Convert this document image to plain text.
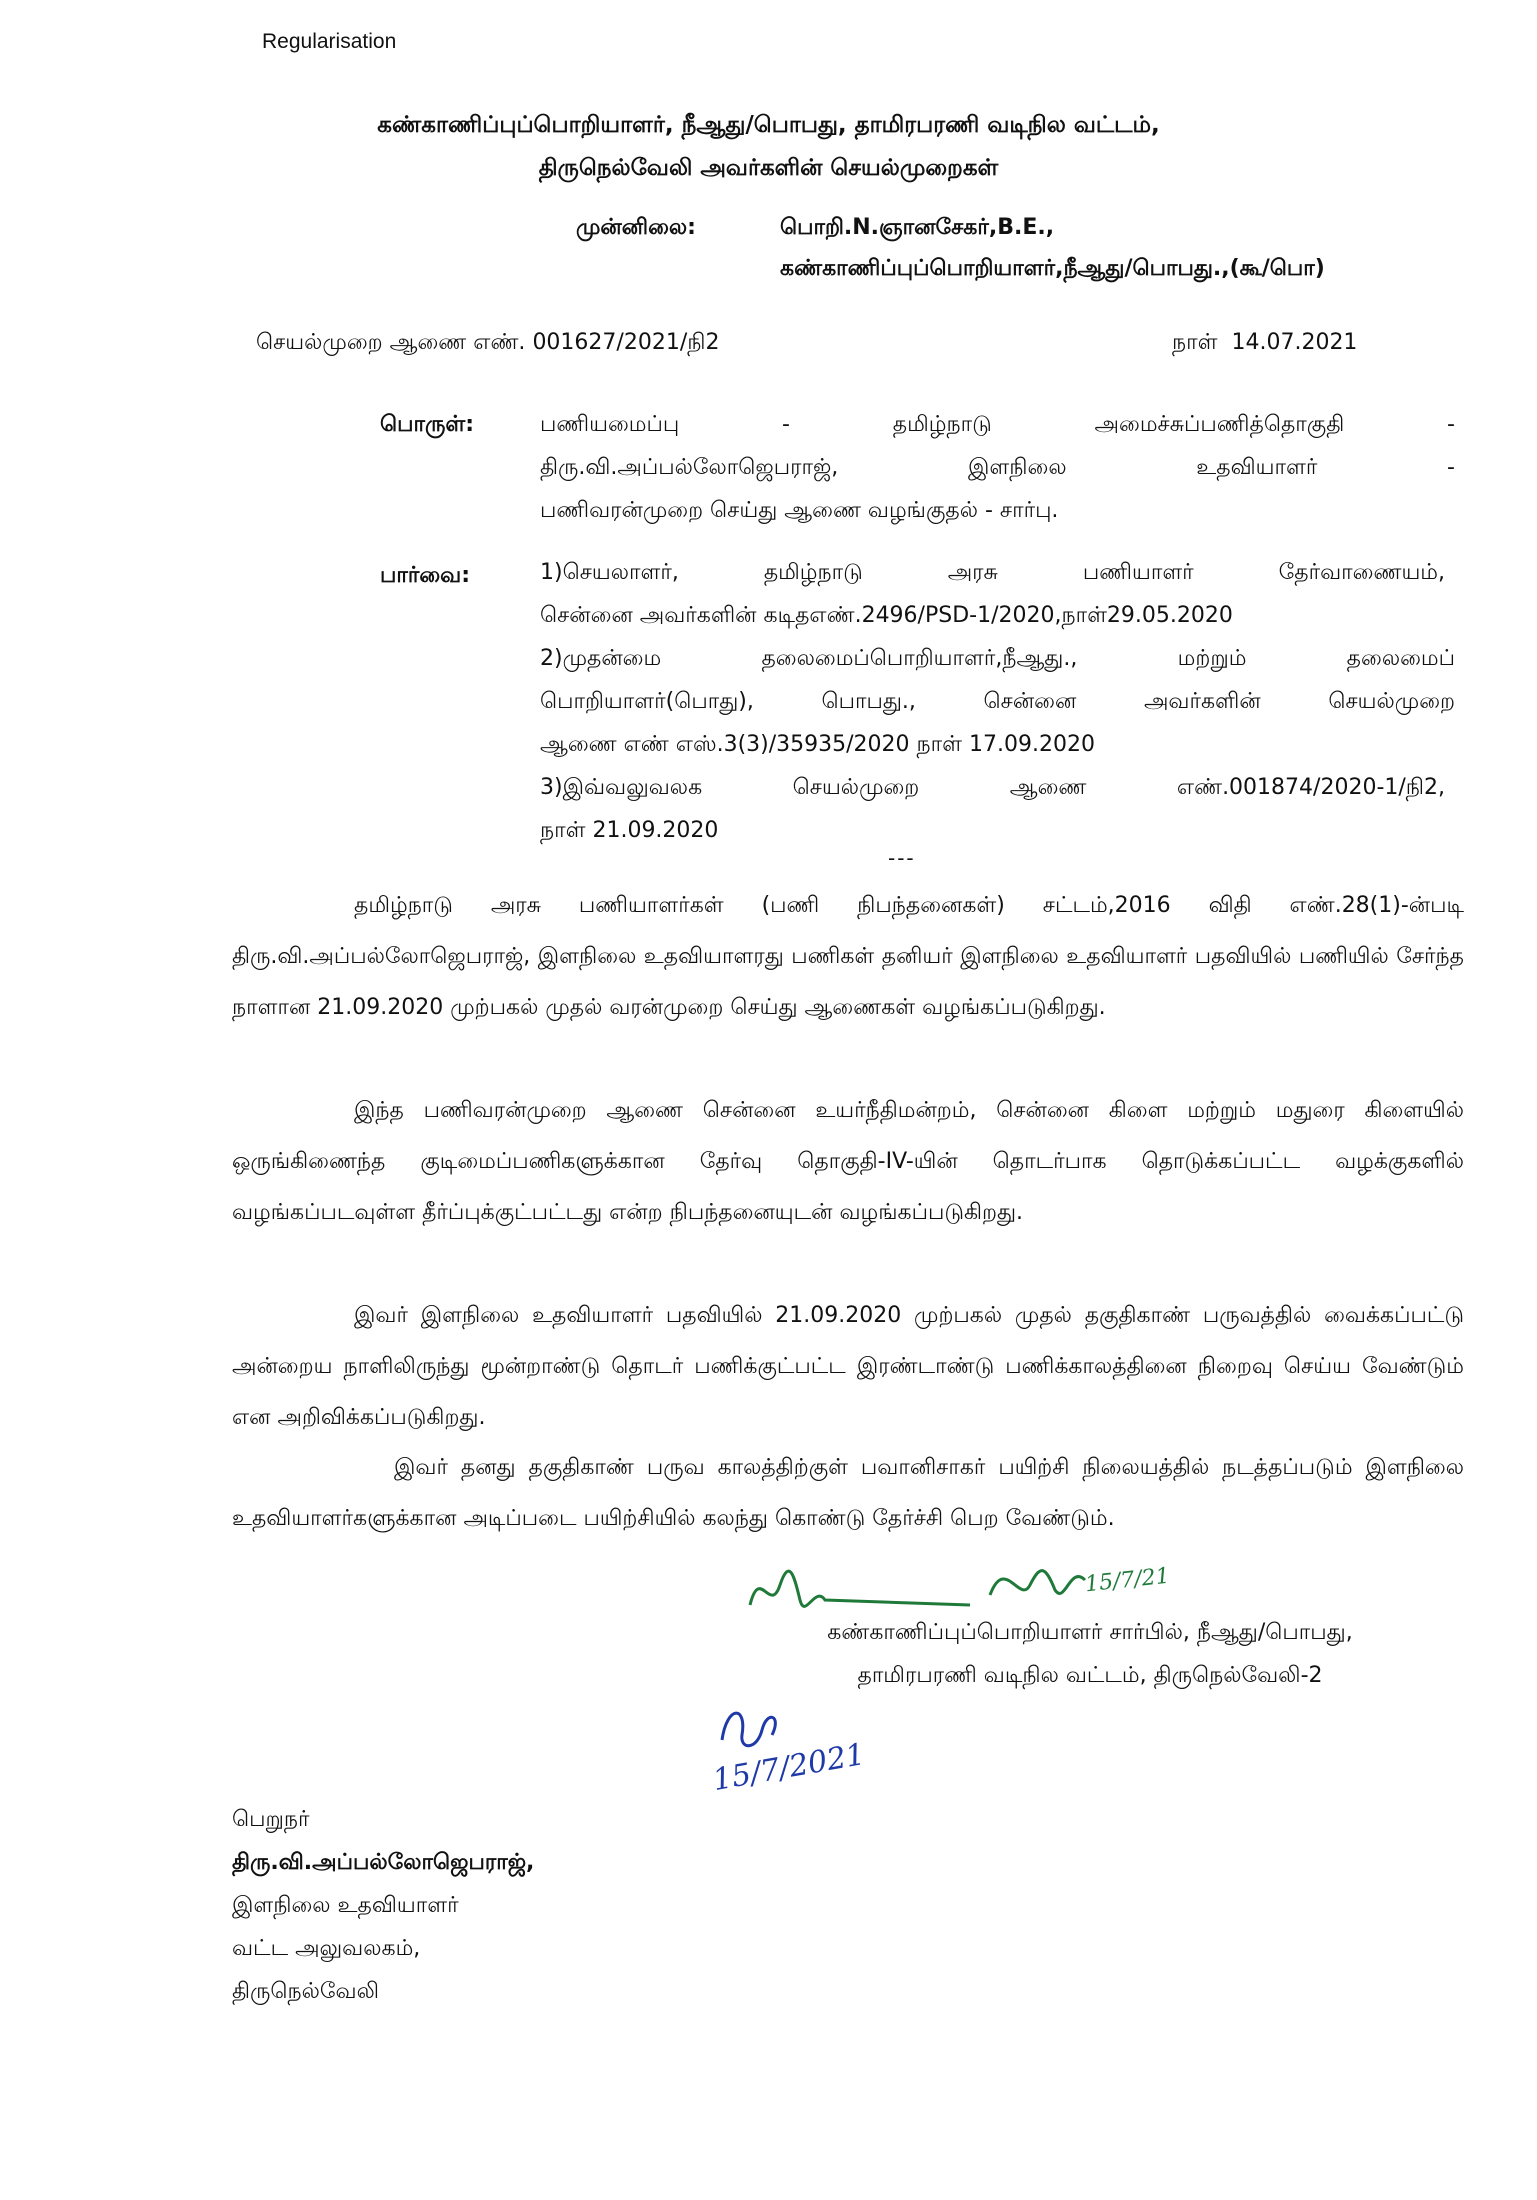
Regularisation
கண்காணிப்புப்பொறியாளர், நீஆது/பொபது, தாமிரபரணி வடிநில வட்டம்,
திருநெல்வேலி அவர்களின் செயல்முறைகள்
முன்னிலை:	பொறி.N.ஞானசேகர்,B.E.,
கண்காணிப்புப்பொறியாளர்,நீஆது/பொபது.,(கூ/பொ)
செயல்முறை ஆணை எண். 001627/2021/நி2	நாள் 14.07.2021
பொருள்:	பணியமைப்பு - தமிழ்நாடு அமைச்சுப்பணித்தொகுதி -
திரு.வி.அப்பல்லோஜெபராஜ், இளநிலை உதவியாளர் -
பணிவரன்முறை செய்து ஆணை வழங்குதல் - சார்பு.
பார்வை:	1)செயலாளர், தமிழ்நாடு அரசு பணியாளர் தேர்வாணையம்,
சென்னை அவர்களின் கடிதஎண்.2496/PSD-1/2020,நாள்29.05.2020
2)முதன்மை தலைமைப்பொறியாளர்,நீஆது., மற்றும் தலைமைப்
பொறியாளர்(பொது), பொபது., சென்னை அவர்களின் செயல்முறை
ஆணை எண் எஸ்.3(3)/35935/2020 நாள் 17.09.2020
3)இவ்வலுவலக செயல்முறை ஆணை எண்.001874/2020-1/நி2,
நாள் 21.09.2020
---
தமிழ்நாடு அரசு பணியாளர்கள் (பணி நிபந்தனைகள்) சட்டம்,2016 விதி எண்.28(1)-ன்படி திரு.வி.அப்பல்லோஜெபராஜ், இளநிலை உதவியாளரது பணிகள் தனியர் இளநிலை உதவியாளர் பதவியில் பணியில் சேர்ந்த நாளான 21.09.2020 முற்பகல் முதல் வரன்முறை செய்து ஆணைகள் வழங்கப்படுகிறது.
இந்த பணிவரன்முறை ஆணை சென்னை உயர்நீதிமன்றம், சென்னை கிளை மற்றும் மதுரை கிளையில் ஒருங்கிணைந்த குடிமைப்பணிகளுக்கான தேர்வு தொகுதி-IV-யின் தொடர்பாக தொடுக்கப்பட்ட வழக்குகளில் வழங்கப்படவுள்ள தீர்ப்புக்குட்பட்டது என்ற நிபந்தனையுடன் வழங்கப்படுகிறது.
இவர் இளநிலை உதவியாளர் பதவியில் 21.09.2020 முற்பகல் முதல் தகுதிகாண் பருவத்தில் வைக்கப்பட்டு அன்றைய நாளிலிருந்து மூன்றாண்டு தொடர் பணிக்குட்பட்ட இரண்டாண்டு பணிக்காலத்தினை நிறைவு செய்ய வேண்டும் என அறிவிக்கப்படுகிறது.
இவர் தனது தகுதிகாண் பருவ காலத்திற்குள் பவானிசாகர் பயிற்சி நிலையத்தில் நடத்தப்படும் இளநிலை உதவியாளர்களுக்கான அடிப்படை பயிற்சியில் கலந்து கொண்டு தேர்ச்சி பெற வேண்டும்.
15/7/21
கண்காணிப்புப்பொறியாளர் சார்பில், நீஆது/பொபது,
தாமிரபரணி வடிநில வட்டம், திருநெல்வேலி-2
15/7/2021
பெறுநர்
திரு.வி.அப்பல்லோஜெபராஜ்,
இளநிலை உதவியாளர்
வட்ட அலுவலகம்,
திருநெல்வேலி
